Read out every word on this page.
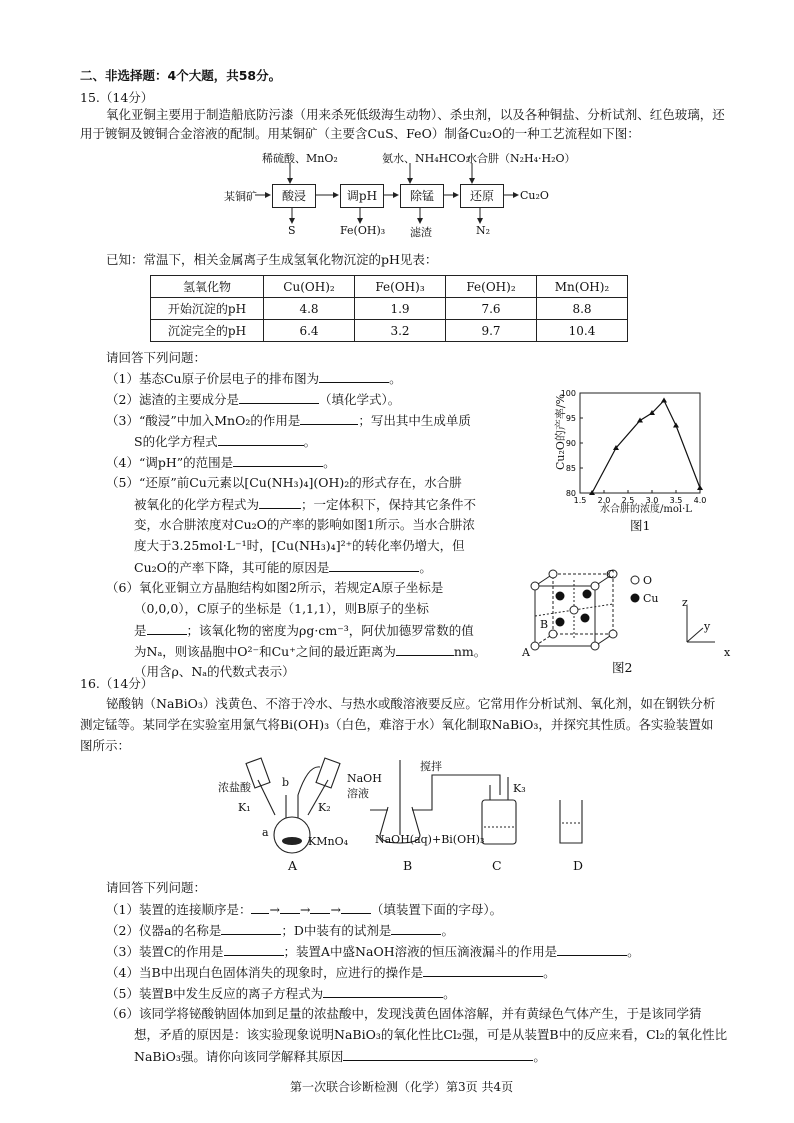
二、非选择题：4个大题，共58分。
15.（14分）
氧化亚铜主要用于制造船底防污漆（用来杀死低级海生动物）、杀虫剂，以及各种铜盐、分析试剂、红色玻璃，还
用于镀铜及镀铜合金溶液的配制。用某铜矿（主要含CuS、FeO）制备Cu₂O的一种工艺流程如下图：
稀硫酸、MnO₂	氨水、NH₄HCO₃
水合肼（N₂H₄·H₂O）
某铜矿	酸浸	调pH	除锰	还原	Cu₂O
S	Fe(OH)₃ 滤渣	N₂
已知：常温下，相关金属离子生成氢氧化物沉淀的pH见表：
氢氧化物	Cu(OH)₂	Fe(OH)₃	Fe(OH)₂	Mn(OH)₂
开始沉淀的pH	4.8	1.9	7.6	8.8
沉淀完全的pH	6.4	3.2	9.7	10.4
请回答下列问题：
（1）基态Cu原子价层电子的排布图为	。
（2）滤渣的主要成分是	（填化学式）。
（3）“酸浸”中加入MnO₂的作用是	；写出其中生成单质
S的化学方程式	。
（4）“调pH”的范围是	。
（5）“还原”前Cu元素以[Cu(NH₃)₄](OH)₂的形式存在，水合肼
被氧化的化学方程式为	；一定体积下，保持其它条件不
变，水合肼浓度对Cu₂O的产率的影响如图1所示。当水合肼浓
度大于3.25mol·L⁻¹时，[Cu(NH₃)₄]²⁺的转化率仍增大，但
Cu₂O的产率下降，其可能的原因是	。
（6）氧化亚铜立方晶胞结构如图2所示，若规定A原子坐标是
（0,0,0），C原子的坐标是（1,1,1），则B原子的坐标
是	；该氧化物的密度为ρg·cm⁻³，阿伏加德罗常数的值
为Nₐ，则该晶胞中O²⁻和Cu⁺之间的最近距离为	nm。
（用含ρ、Nₐ的代数式表示）
80
85
90
95
100
1.5 2.0 2.5 3.0 3.5 4.0
Cu₂O的产率/%
水合肼的浓度/mol·L
图1
O
Cu
A
B
C
z
y
x
图2
16.（14分）
铋酸钠（NaBiO₃）浅黄色、不溶于冷水、与热水或酸溶液要反应。它常用作分析试剂、氧化剂，如在钢铁分析
测定锰等。某同学在实验室用氯气将Bi(OH)₃（白色，难溶于水）氧化制取NaBiO₃，并探究其性质。各实验装置如
图所示：
浓盐酸
NaOH
溶液
K₁	K₂
K₃
a
b
KMnO₄
搅拌
NaOH(aq)+Bi(OH)₃
A	B	C	D
请回答下列问题：
（1）装置的连接顺序是： → → → （填装置下面的字母）。
（2）仪器a的名称是	；D中装有的试剂是	。
（3）装置C的作用是	；装置A中盛NaOH溶液的恒压滴液漏斗的作用是	。
（4）当B中出现白色固体消失的现象时，应进行的操作是	。
（5）装置B中发生反应的离子方程式为	。
（6）该同学将铋酸钠固体加到足量的浓盐酸中，发现浅黄色固体溶解，并有黄绿色气体产生，于是该同学猜
想，矛盾的原因是：该实验现象说明NaBiO₃的氧化性比Cl₂强，可是从装置B中的反应来看，Cl₂的氧化性比
NaBiO₃强。请你向该同学解释其原因	。
第一次联合诊断检测（化学）第3页 共4页
